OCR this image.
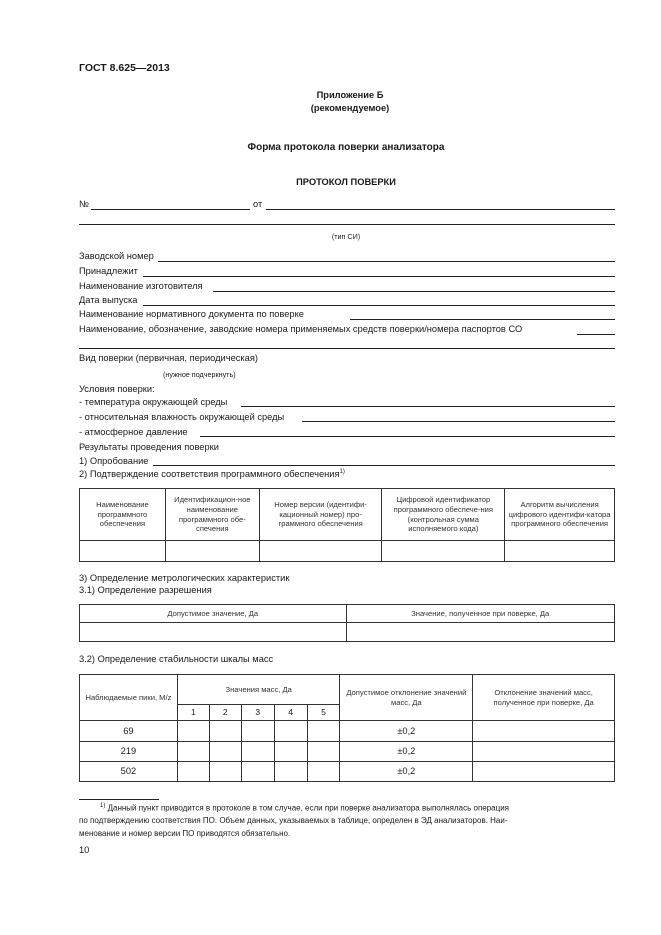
ГОСТ 8.625—2013
Приложение Б
(рекомендуемое)
Форма протокола поверки анализатора
ПРОТОКОЛ ПОВЕРКИ
№	от
(тип СИ)
Заводской номер
Принадлежит
Наименование изготовителя
Дата выпуска
Наименование нормативного документа по поверке
Наименование, обозначение, заводские номера применяемых средств поверки/номера паспортов СО
Вид поверки (первичная, периодическая)
(нужное подчеркнуть)
Условия поверки:
- температура окружающей среды
- относительная влажность окружающей среды
- атмосферное давление
Результаты проведения поверки
1) Опробование
2) Подтверждение соответствия программного обеспечения$^{1)}$
Наименование программного обеспечения	Идентификацион-ное наименование программного обе-спечения	Номер версии (идентифи-кационный номер) про-граммного обеспечения	Цифровой идентификатор программного обеспече-ния (контрольная сумма исполняемого кода)	Алгоритм вычисления цифрового идентифи-катора программного обеспечения

3) Определение метрологических характеристик
3.1) Определение разрешения
Допустимое значение, Да	Значение, полученное при поверке, Да

3.2) Определение стабильности шкалы масс
Наблюдаемые пики, M/z	Значения масс, Да					Допустимое отклонение значений масс, Да	Отклонение значений масс, полученное при поверке, Да
	1	2	3	4	5		
69						±0,2	
219						±0,2	
502						±0,2	
$^{1)}$ Данный пункт приводится в протоколе в том случае, если при поверке анализатора выполнялась операция
по подтверждению соответствия ПО. Объем данных, указываемых в таблице, определен в ЭД анализаторов. Наи-
менование и номер версии ПО приводятся обязательно.
10
